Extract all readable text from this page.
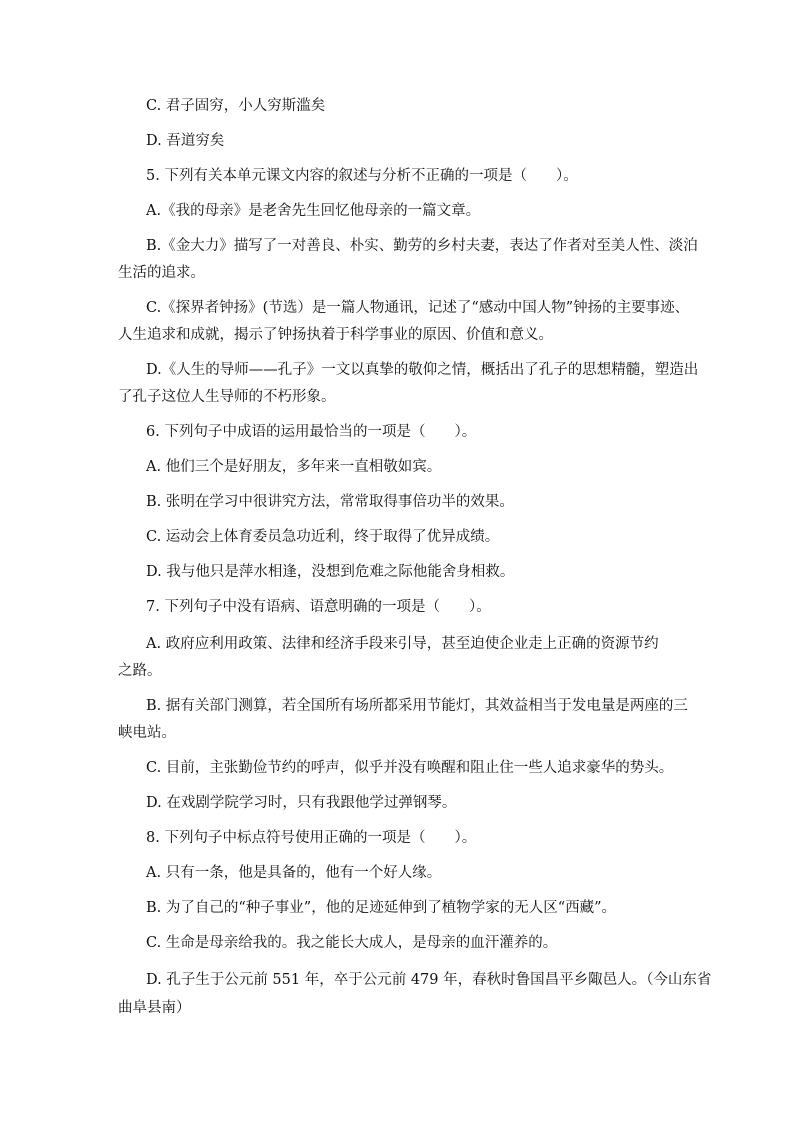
C. 君子固穷，小人穷斯滥矣
D. 吾道穷矣
5. 下列有关本单元课文内容的叙述与分析不正确的一项是（　　）。
A.《我的母亲》是老舍先生回忆他母亲的一篇文章。
B.《金大力》描写了一对善良、朴实、勤劳的乡村夫妻，表达了作者对至美人性、淡泊
生活的追求。
C.《探界者钟扬》(节选）是一篇人物通讯，记述了“感动中国人物”钟扬的主要事迹、
人生追求和成就，揭示了钟扬执着于科学事业的原因、价值和意义。
D.《人生的导师——孔子》一文以真挚的敬仰之情，概括出了孔子的思想精髓，塑造出
了孔子这位人生导师的不朽形象。
6. 下列句子中成语的运用最恰当的一项是（　　）。
A. 他们三个是好朋友，多年来一直相敬如宾。
B. 张明在学习中很讲究方法，常常取得事倍功半的效果。
C. 运动会上体育委员急功近利，终于取得了优异成绩。
D. 我与他只是萍水相逢，没想到危难之际他能舍身相救。
7. 下列句子中没有语病、语意明确的一项是（　　）。
A. 政府应利用政策、法律和经济手段来引导，甚至迫使企业走上正确的资源节约
之路。
B. 据有关部门测算，若全国所有场所都采用节能灯，其效益相当于发电量是两座的三
峡电站。
C. 目前，主张勤俭节约的呼声，似乎并没有唤醒和阻止住一些人追求豪华的势头。
D. 在戏剧学院学习时，只有我跟他学过弹钢琴。
8. 下列句子中标点符号使用正确的一项是（　　）。
A. 只有一条，他是具备的，他有一个好人缘。
B. 为了自己的“种子事业”，他的足迹延伸到了植物学家的无人区“西藏”。
C. 生命是母亲给我的。我之能长大成人，是母亲的血汗灌养的。
D. 孔子生于公元前 551 年，卒于公元前 479 年，春秋时鲁国昌平乡陬邑人。（今山东省
曲阜县南）
